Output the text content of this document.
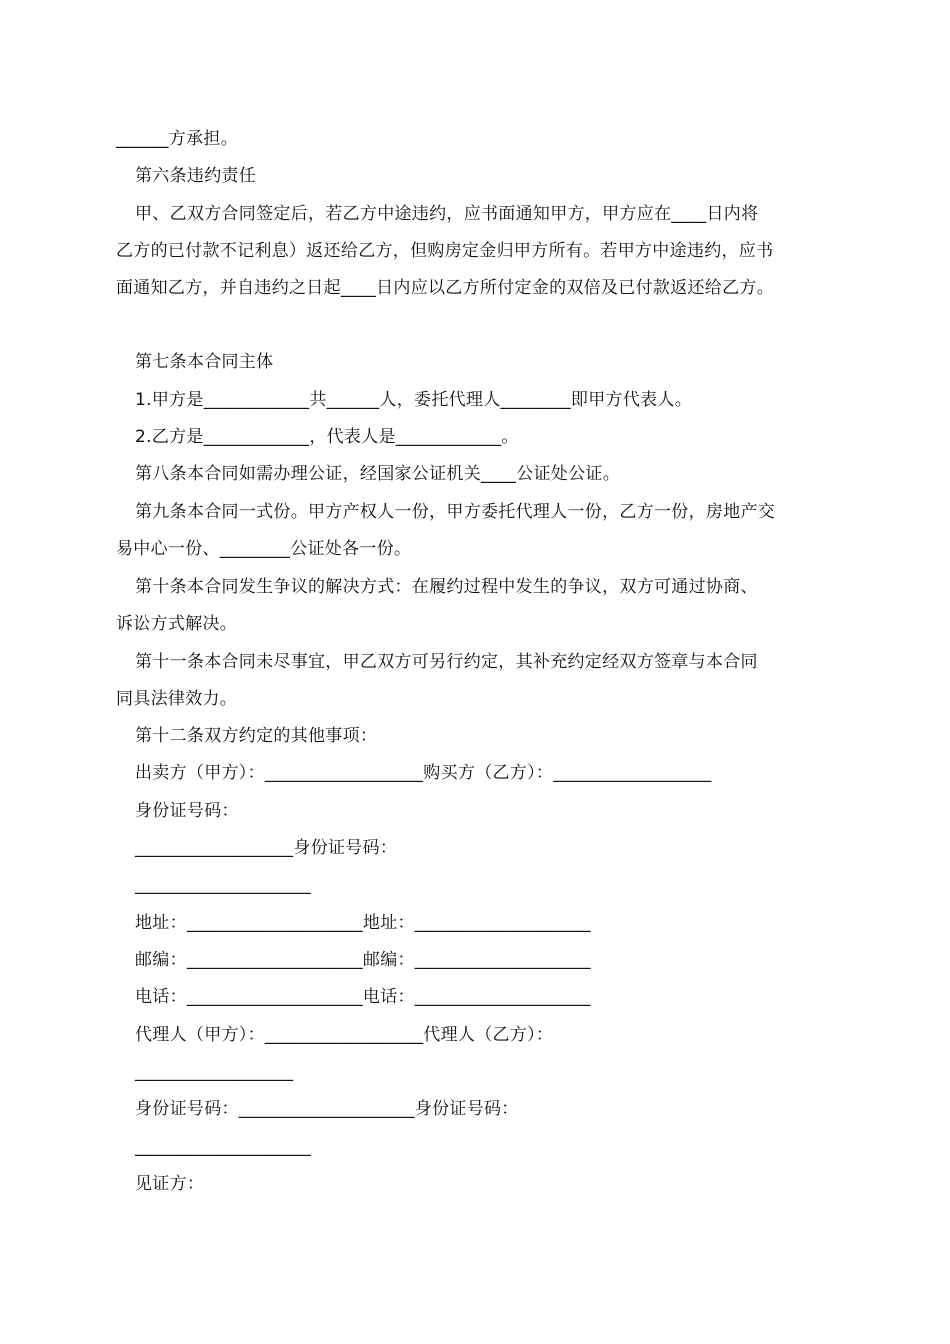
______方承担。
第六条违约责任
甲、乙双方合同签定后，若乙方中途违约，应书面通知甲方，甲方应在____日内将
乙方的已付款不记利息）返还给乙方，但购房定金归甲方所有。若甲方中途违约，应书
面通知乙方，并自违约之日起____日内应以乙方所付定金的双倍及已付款返还给乙方。
第七条本合同主体
1.甲方是____________共______人，委托代理人________即甲方代表人。
2.乙方是____________，代表人是____________。
第八条本合同如需办理公证，经国家公证机关____公证处公证。
第九条本合同一式份。甲方产权人一份，甲方委托代理人一份，乙方一份，房地产交
易中心一份、________公证处各一份。
第十条本合同发生争议的解决方式：在履约过程中发生的争议，双方可通过协商、
诉讼方式解决。
第十一条本合同未尽事宜，甲乙双方可另行约定，其补充约定经双方签章与本合同
同具法律效力。
第十二条双方约定的其他事项：
出卖方（甲方）：__________________购买方（乙方）：__________________
身份证号码：
__________________身份证号码：
____________________
地址：____________________地址：____________________
邮编：____________________邮编：____________________
电话：____________________电话：____________________
代理人（甲方）：__________________代理人（乙方）：
__________________
身份证号码：____________________身份证号码：
____________________
见证方：
